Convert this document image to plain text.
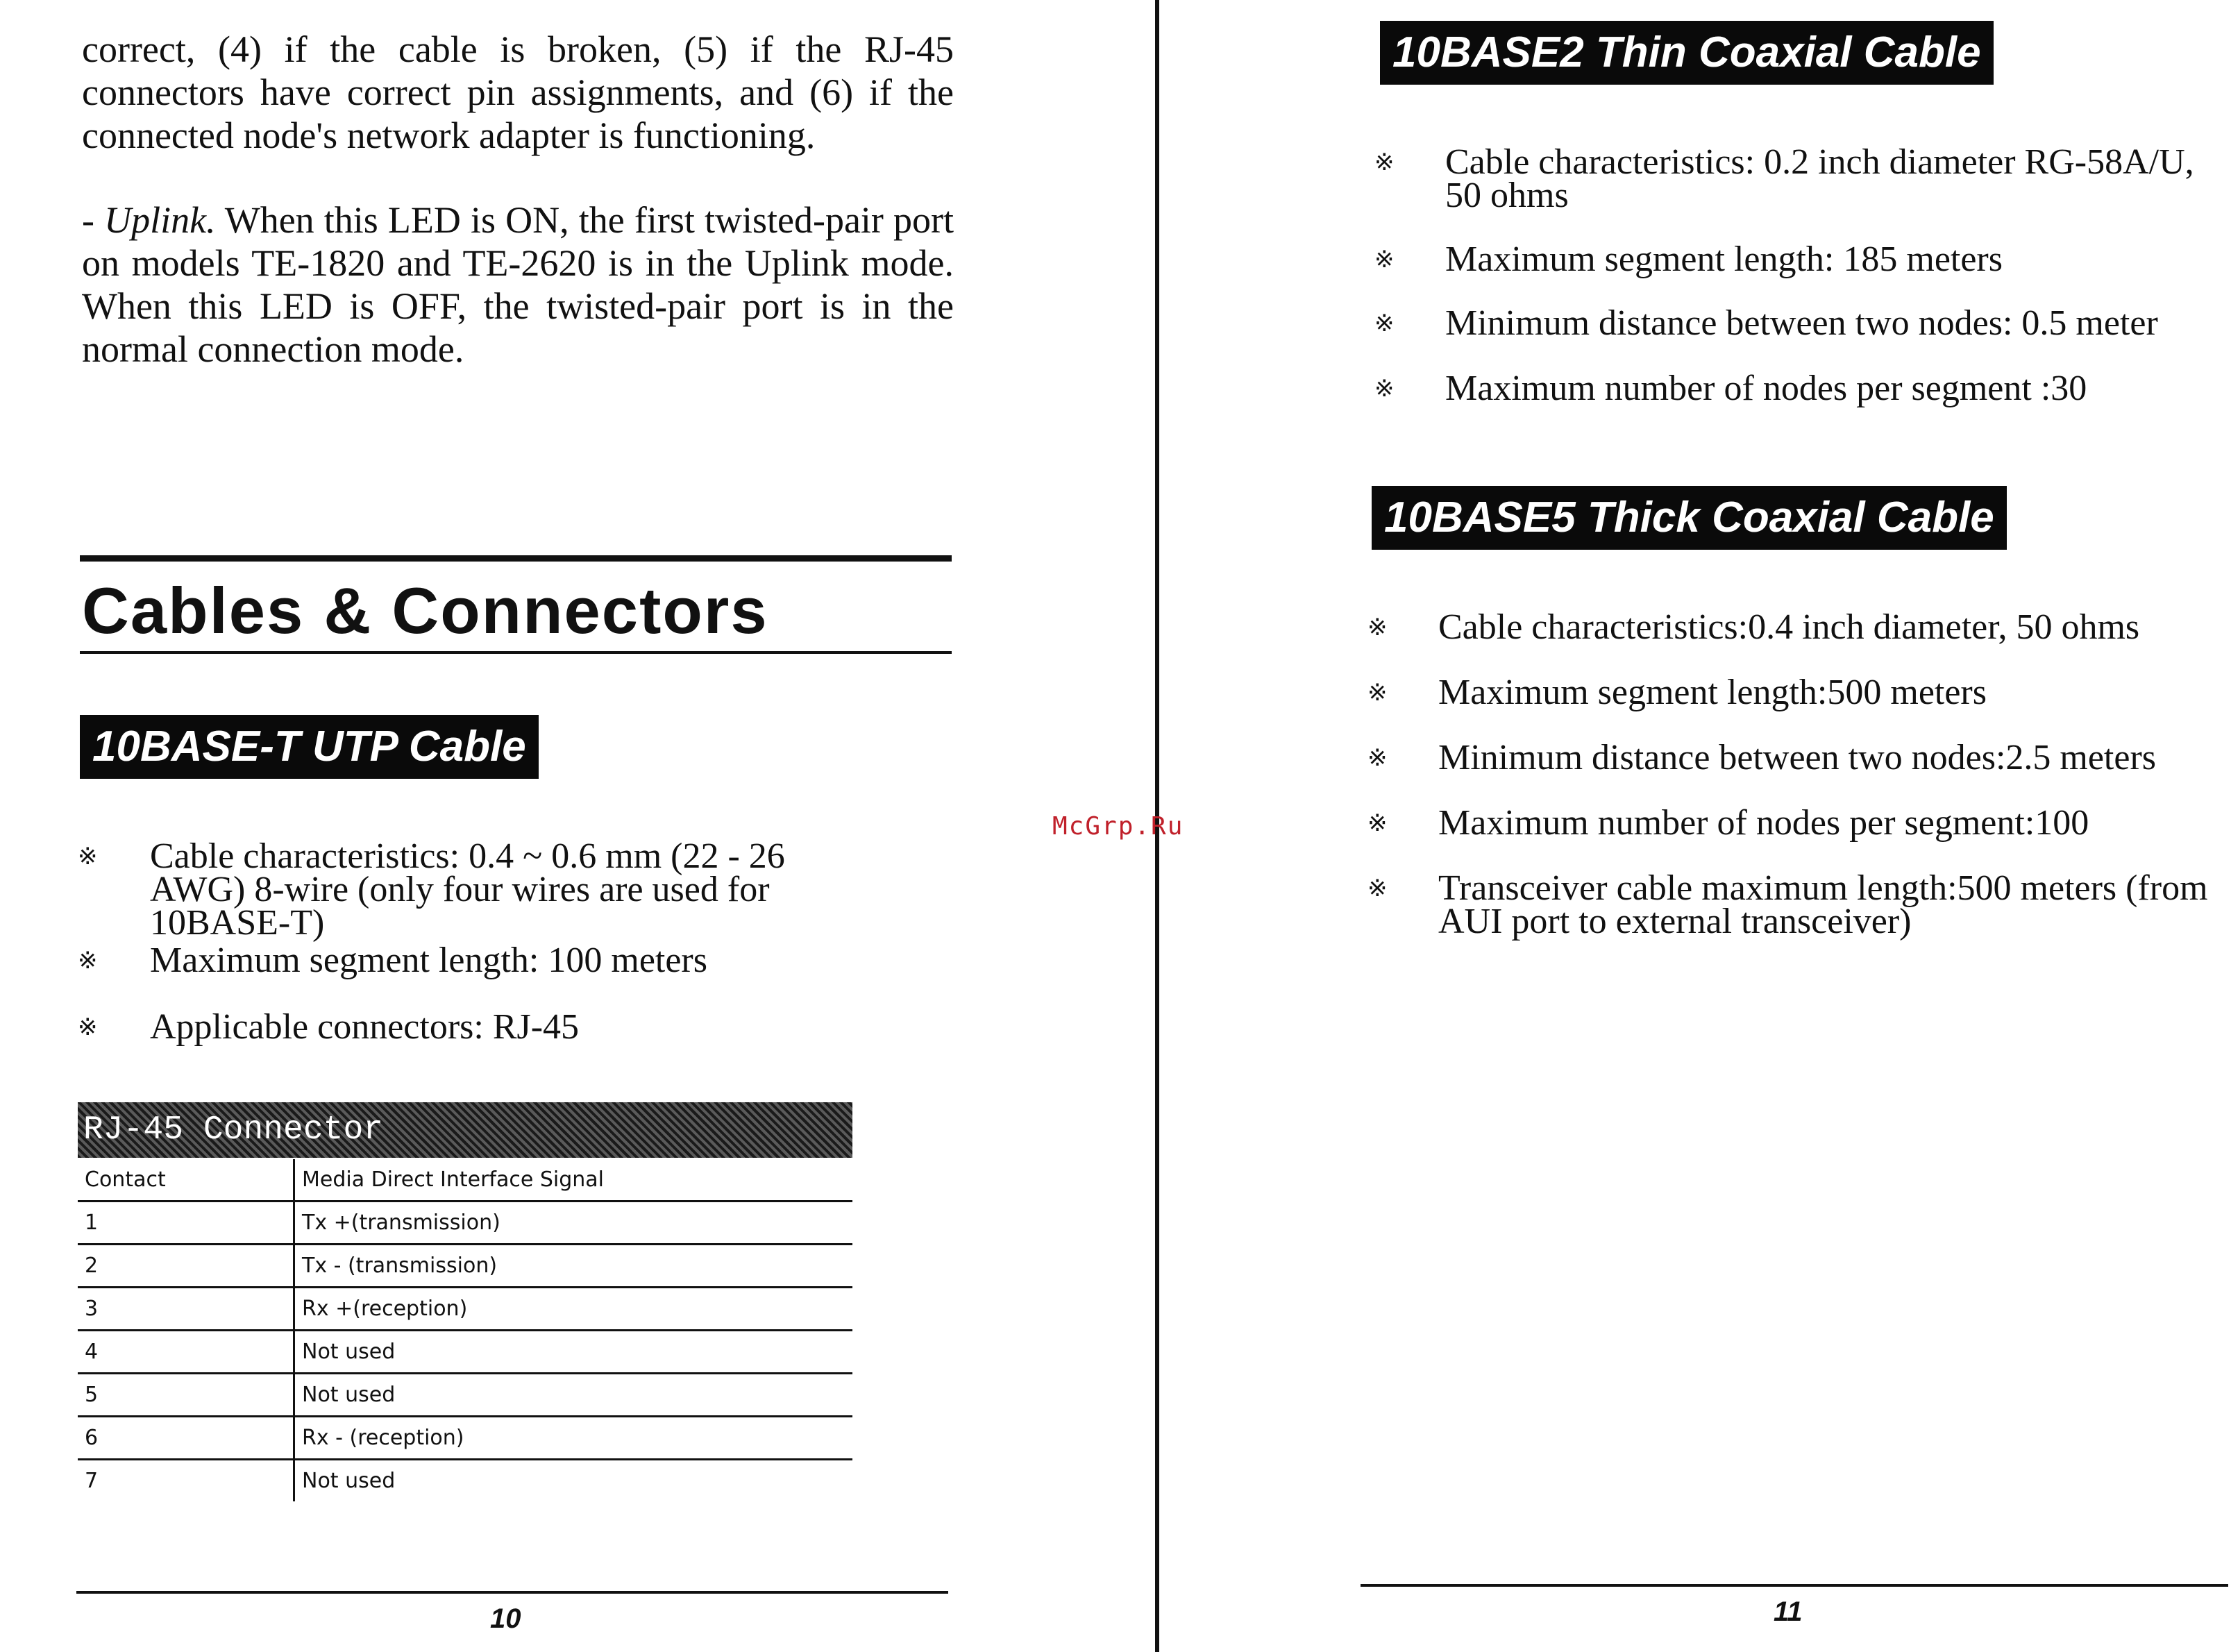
correct, (4) if the cable is broken, (5) if the RJ-45 connectors have correct pin assignments, and (6) if the connected node's network adapter is functioning.

- Uplink. When this LED is ON, the first twisted-pair port on models TE-1820 and TE-2620 is in the Uplink mode. When this LED is OFF, the twisted-pair port is in the normal connection mode.

Cables & Connectors
10BASE-T UTP Cable
※ Cable characteristics: 0.4 ~ 0.6 mm (22 - 26 AWG) 8-wire (only four wires are used for 10BASE-T)
※ Maximum segment length: 100 meters
※ Applicable connectors: RJ-45
RJ-45 Connector
Contact	Media Direct Interface Signal
1	Tx +(transmission)
2	Tx - (transmission)
3	Rx +(reception)
4	Not used
5	Not used
6	Rx - (reception)
7	Not used
10
McGrp.Ru
10BASE2 Thin Coaxial Cable
※ Cable characteristics: 0.2 inch diameter RG-58A/U, 50 ohms
※ Maximum segment length: 185 meters
※ Minimum distance between two nodes: 0.5 meter
※ Maximum number of nodes per segment :30
10BASE5 Thick Coaxial Cable
※ Cable characteristics:0.4 inch diameter, 50 ohms
※ Maximum segment length:500 meters
※ Minimum distance between two nodes:2.5 meters
※ Maximum number of nodes per segment:100
※ Transceiver cable maximum length:500 meters (from AUI port to external transceiver)
11
